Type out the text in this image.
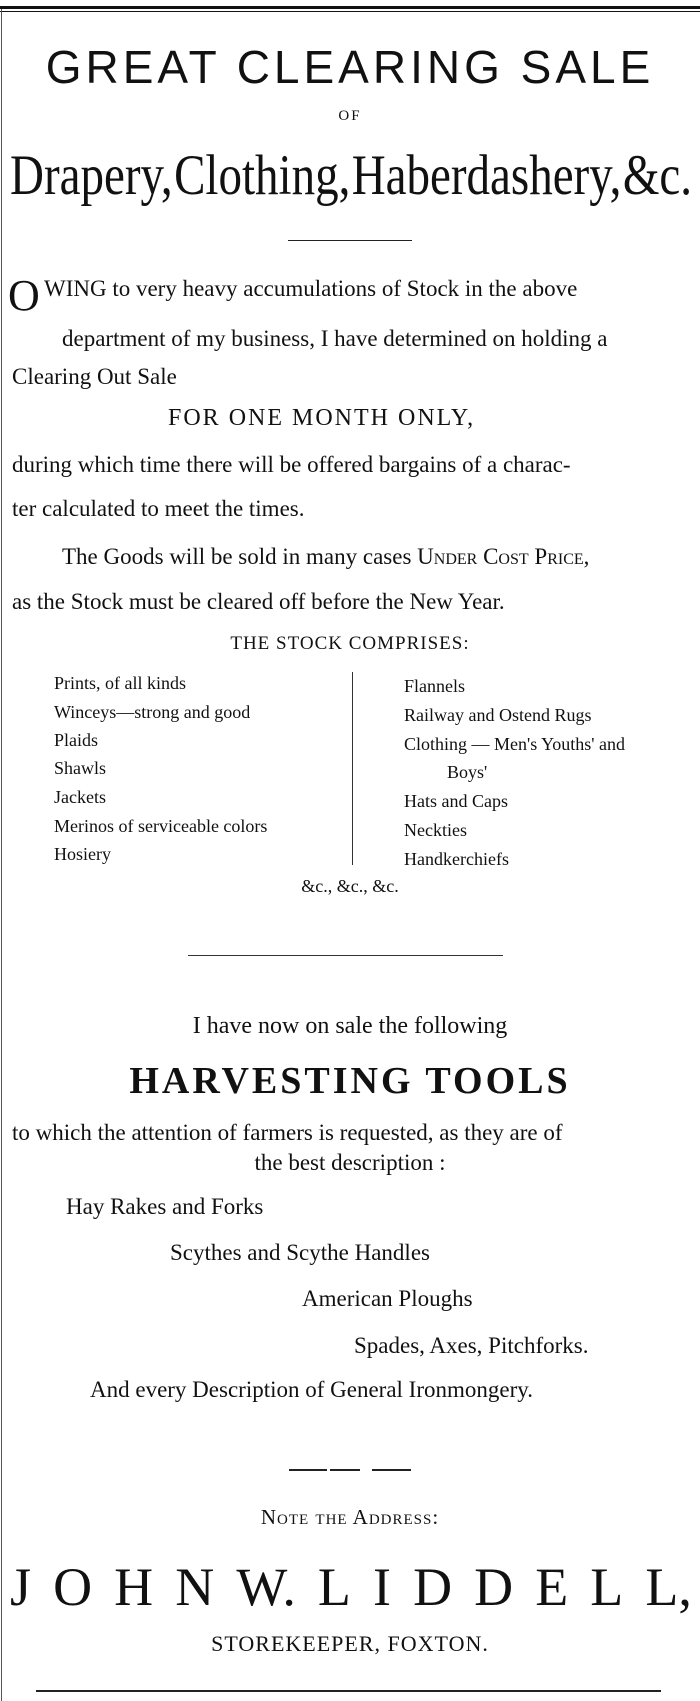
GREAT CLEARING SALE
OF
Drapery, Clothing, Haberdashery, &c.
O WING to very heavy accumulations of Stock in the above
department of my business, I have determined on holding a
Clearing Out Sale
FOR ONE MONTH ONLY,
during which time there will be offered bargains of a charac-
ter calculated to meet the times.
The Goods will be sold in many cases Under Cost Price,
as the Stock must be cleared off before the New Year.
THE STOCK COMPRISES:
Prints, of all kinds
Winceys—strong and good
Plaids
Shawls
Jackets
Merinos of serviceable colors
Hosiery
Flannels
Railway and Ostend Rugs
Clothing — Men's Youths' and
Boys'
Hats and Caps
Neckties
Handkerchiefs
&c., &c., &c.
I have now on sale the following
HARVESTING TOOLS
to which the attention of farmers is requested, as they are of
the best description :
Hay Rakes and Forks
Scythes and Scythe Handles
American Ploughs
Spades, Axes, Pitchforks.
And every Description of General Ironmongery.
Note the Address:
J O H N W. L I D D E L L,
STOREKEEPER, FOXTON.
